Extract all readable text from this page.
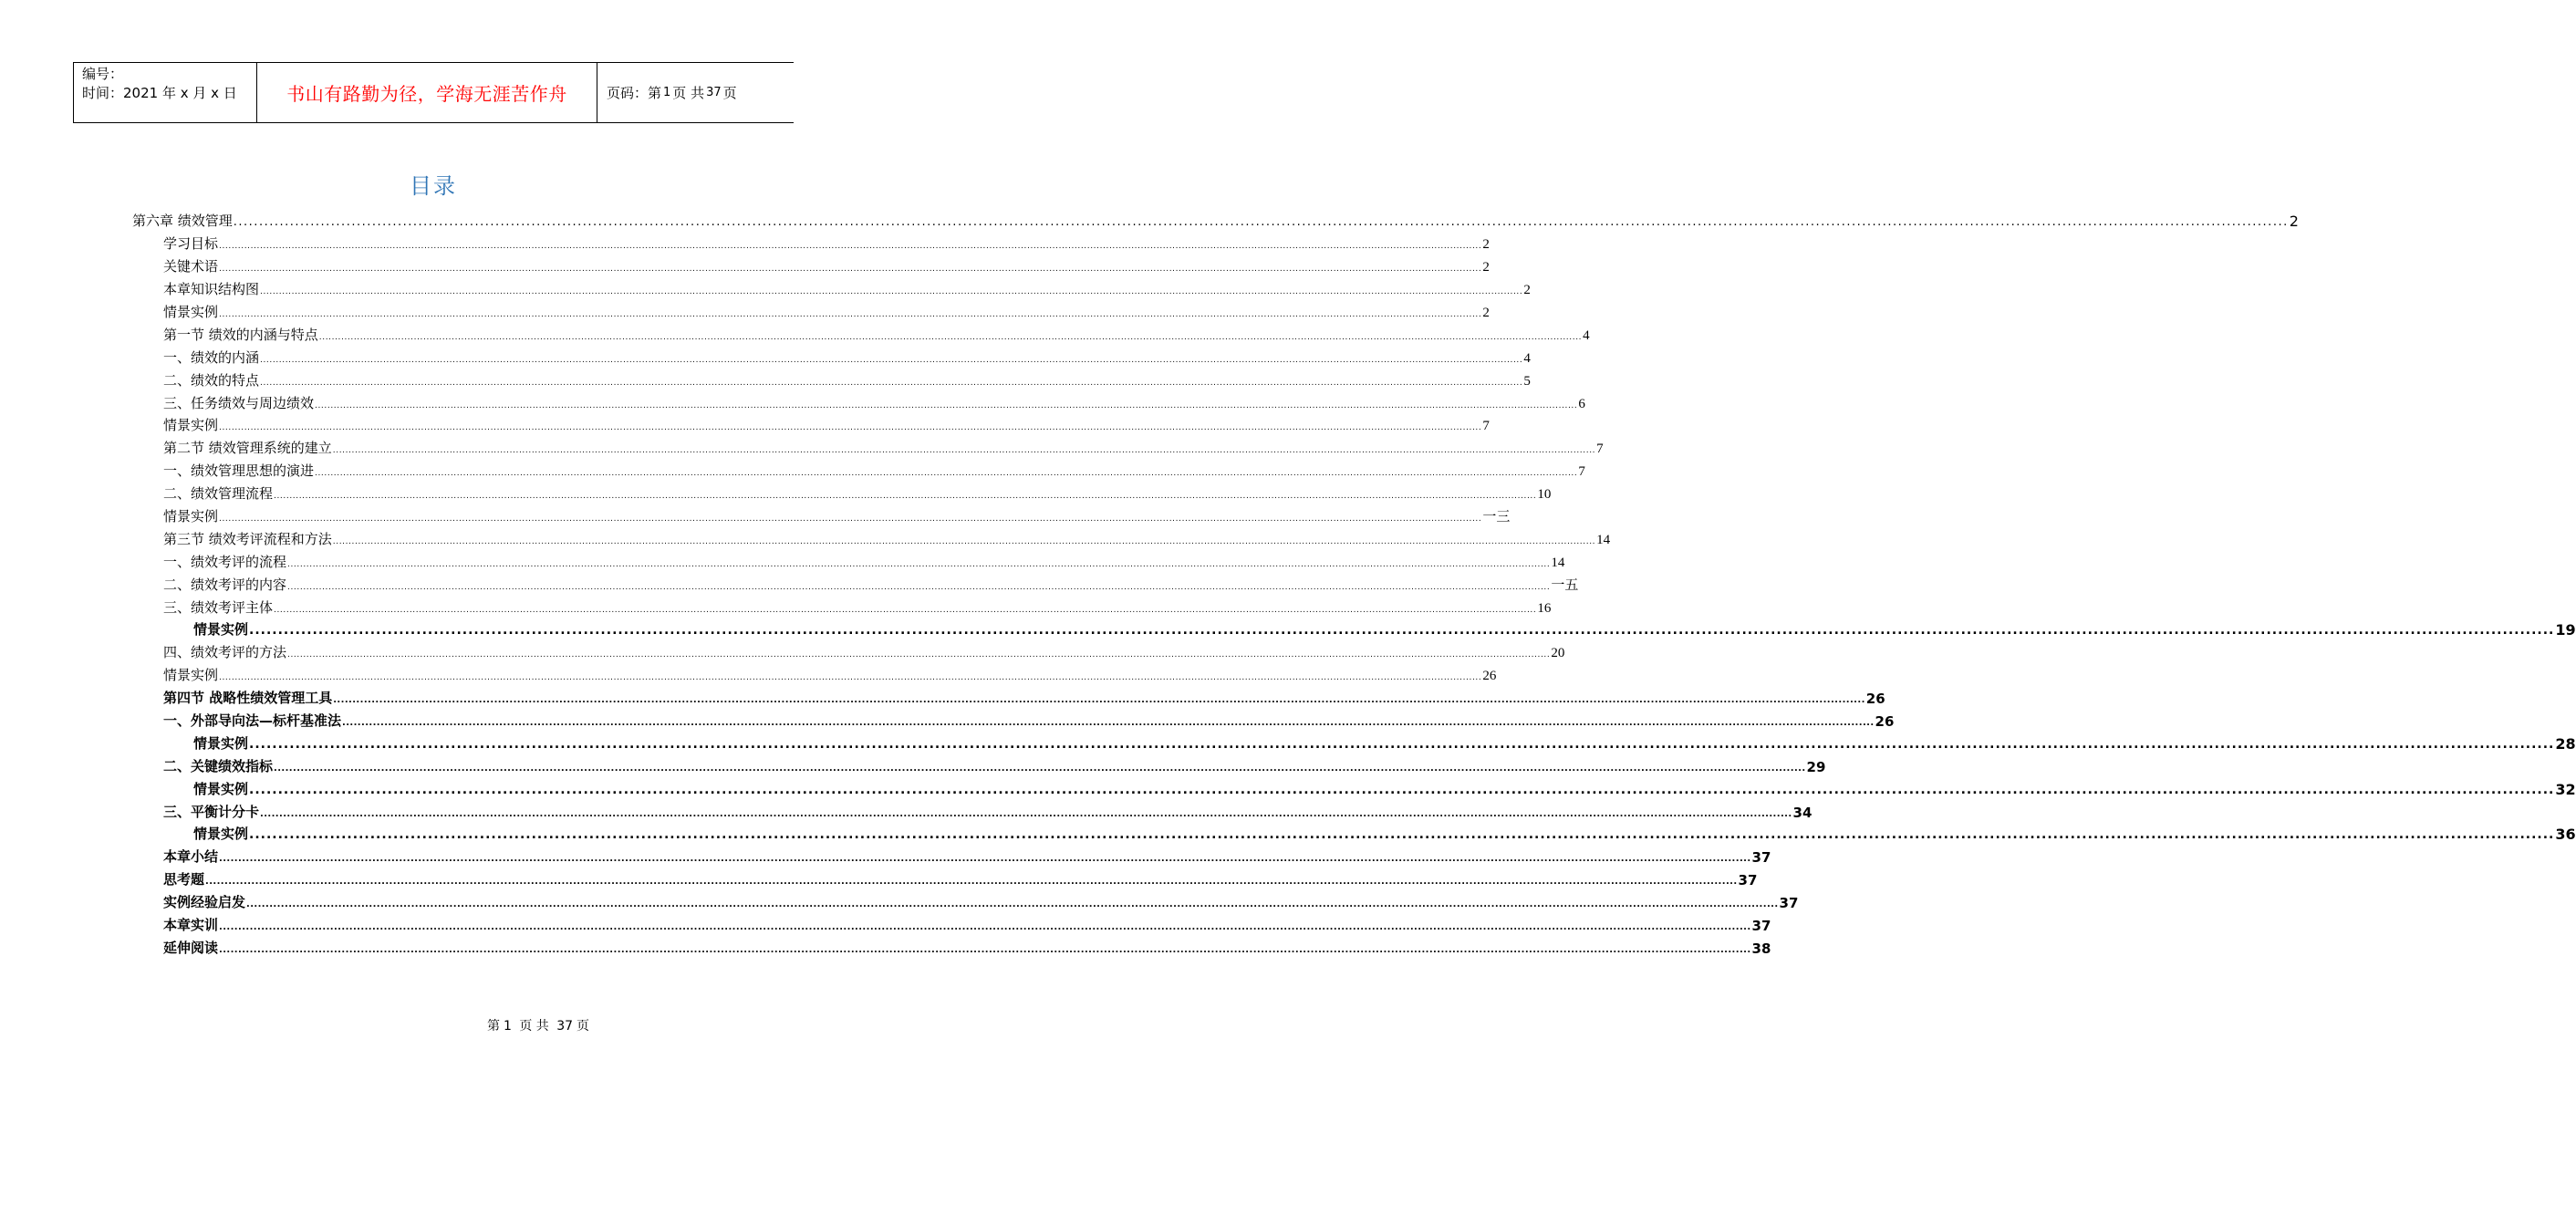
编号：
时间：2021 年 x 月 x 日	书山有路勤为径，学海无涯苦作舟	页码：第 1 页 共 37 页
目录
第六章 绩效管理 ................................................................................................................................................................................................................................................................................................................................................................................................................ 2
学习目标 ................................................................................................................................................................................................................................................................................................................................................................................................................ 2
关键术语 ................................................................................................................................................................................................................................................................................................................................................................................................................ 2
本章知识结构图 ................................................................................................................................................................................................................................................................................................................................................................................................................ 2
情景实例 ................................................................................................................................................................................................................................................................................................................................................................................................................ 2
第一节 绩效的内涵与特点 ................................................................................................................................................................................................................................................................................................................................................................................................................ 4
一、绩效的内涵 ................................................................................................................................................................................................................................................................................................................................................................................................................ 4
二、绩效的特点 ................................................................................................................................................................................................................................................................................................................................................................................................................ 5
三、任务绩效与周边绩效 ................................................................................................................................................................................................................................................................................................................................................................................................................ 6
情景实例 ................................................................................................................................................................................................................................................................................................................................................................................................................ 7
第二节 绩效管理系统的建立 ................................................................................................................................................................................................................................................................................................................................................................................................................ 7
一、绩效管理思想的演进 ................................................................................................................................................................................................................................................................................................................................................................................................................ 7
二、绩效管理流程 ................................................................................................................................................................................................................................................................................................................................................................................................................ 10
情景实例 ................................................................................................................................................................................................................................................................................................................................................................................................................ 一三
第三节 绩效考评流程和方法 ................................................................................................................................................................................................................................................................................................................................................................................................................ 14
一、绩效考评的流程 ................................................................................................................................................................................................................................................................................................................................................................................................................ 14
二、绩效考评的内容 ................................................................................................................................................................................................................................................................................................................................................................................................................ 一五
三、绩效考评主体 ................................................................................................................................................................................................................................................................................................................................................................................................................ 16
情景实例 ................................................................................................................................................................................................................................................................................................................................................................................................................ 19
四、绩效考评的方法 ................................................................................................................................................................................................................................................................................................................................................................................................................ 20
情景实例 ................................................................................................................................................................................................................................................................................................................................................................................................................ 26
第四节 战略性绩效管理工具 ................................................................................................................................................................................................................................................................................................................................................................................................................ 26
一、外部导向法—标杆基准法 ................................................................................................................................................................................................................................................................................................................................................................................................................ 26
情景实例 ................................................................................................................................................................................................................................................................................................................................................................................................................ 28
二、关键绩效指标 ................................................................................................................................................................................................................................................................................................................................................................................................................ 29
情景实例 ................................................................................................................................................................................................................................................................................................................................................................................................................ 32
三、平衡计分卡 ................................................................................................................................................................................................................................................................................................................................................................................................................ 34
情景实例 ................................................................................................................................................................................................................................................................................................................................................................................................................ 36
本章小结 ................................................................................................................................................................................................................................................................................................................................................................................................................ 37
思考题 ................................................................................................................................................................................................................................................................................................................................................................................................................ 37
实例经验启发 ................................................................................................................................................................................................................................................................................................................................................................................................................ 37
本章实训 ................................................................................................................................................................................................................................................................................................................................................................................................................ 37
延伸阅读 ................................................................................................................................................................................................................................................................................................................................................................................................................ 38
第 1 页 共 37 页
